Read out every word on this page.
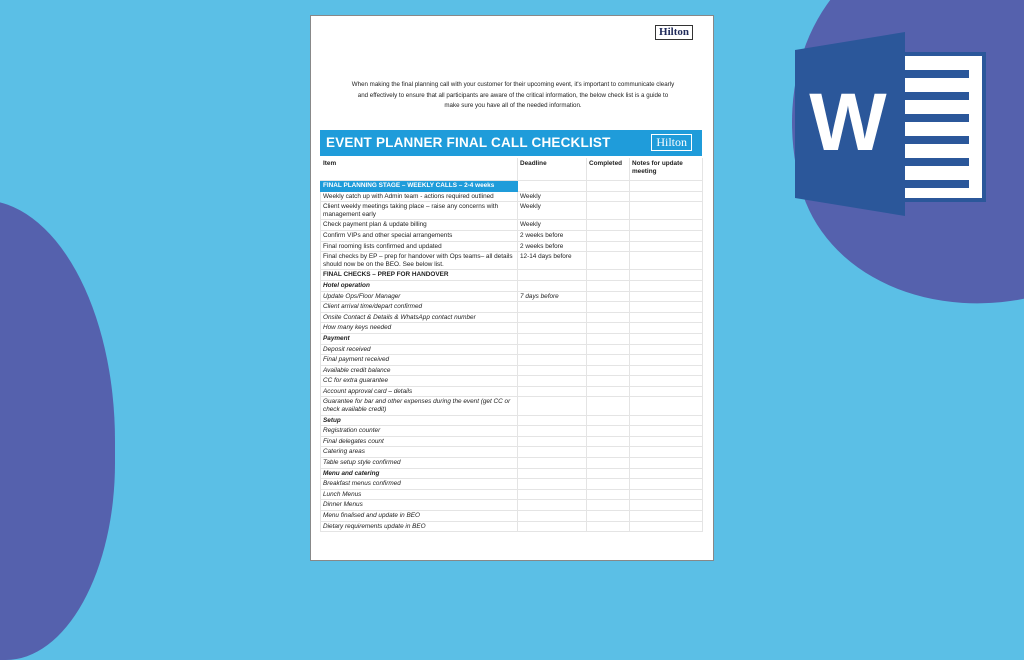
Hilton
When making the final planning call with your customer for their upcoming event, it's important to communicate clearly and effectively to ensure that all participants are aware of the critical information, the below check list is a guide to make sure you have all of the needed information.
EVENT PLANNER FINAL CALL CHECKLIST	Hilton
Item	Deadline	Completed	Notes for update meeting
FINAL PLANNING STAGE – WEEKLY CALLS – 2-4 weeks			
Weekly catch up with Admin team - actions required outlined	Weekly		
Client weekly meetings taking place – raise any concerns with management early	Weekly		
Check payment plan & update billing	Weekly		
Confirm VIPs and other special arrangements	2 weeks before		
Final rooming lists confirmed and updated	2 weeks before		
Final checks by EP – prep for handover with Ops teams– all details should now be on the BEO. See below list.	12-14 days before		
FINAL CHECKS – PREP FOR HANDOVER			
Hotel operation			
Update Ops/Floor Manager	7 days before		
Client arrival time/depart confirmed			
Onsite Contact & Details & WhatsApp contact number			
How many keys needed			
Payment			
Deposit received			
Final payment received			
Available credit balance			
CC for extra guarantee			
Account approval card – details			
Guarantee for bar and other expenses during the event (get CC or check available credit)			
Setup			
Registration counter			
Final delegates count			
Catering areas			
Table setup style confirmed			
Menu and catering			
Breakfast menus confirmed			
Lunch Menus			
Dinner Menus			
Menu finalised and update in BEO			
Dietary requirements update in BEO			
W
